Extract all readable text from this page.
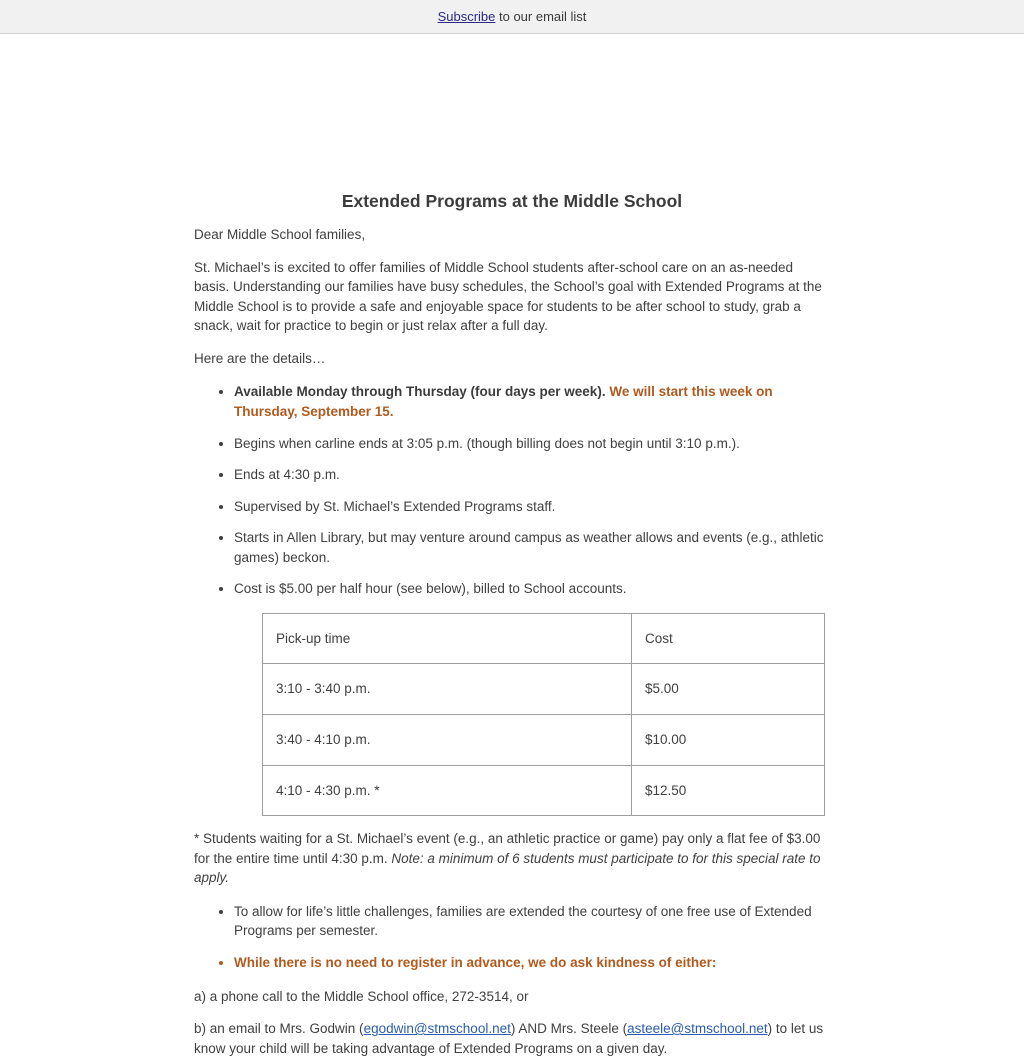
Subscribe to our email list
Extended Programs at the Middle School

Dear Middle School families,

St. Michael’s is excited to offer families of Middle School students after-school care on an as-needed basis. Understanding our families have busy schedules, the School’s goal with Extended Programs at the Middle School is to provide a safe and enjoyable space for students to be after school to study, grab a snack, wait for practice to begin or just relax after a full day.

Here are the details…

• Available Monday through Thursday (four days per week). We will start this week on Thursday, September 15.
• Begins when carline ends at 3:05 p.m. (though billing does not begin until 3:10 p.m.).
• Ends at 4:30 p.m.
• Supervised by St. Michael’s Extended Programs staff.
• Starts in Allen Library, but may venture around campus as weather allows and events (e.g., athletic games) beckon.
• Cost is $5.00 per half hour (see below), billed to School accounts.
Pick-up time	Cost
3:10 - 3:40 p.m.	$5.00
3:40 - 4:10 p.m.	$10.00
4:10 - 4:30 p.m. *	$12.50

* Students waiting for a St. Michael’s event (e.g., an athletic practice or game) pay only a flat fee of $3.00 for the entire time until 4:30 p.m. Note: a minimum of 6 students must participate to for this special rate to apply.

• To allow for life’s little challenges, families are extended the courtesy of one free use of Extended Programs per semester.
• While there is no need to register in advance, we do ask kindness of either:

a) a phone call to the Middle School office, 272-3514, or

b) an email to Mrs. Godwin (egodwin@stmschool.net) AND Mrs. Steele (asteele@stmschool.net) to let us know your child will be taking advantage of Extended Programs on a given day.
